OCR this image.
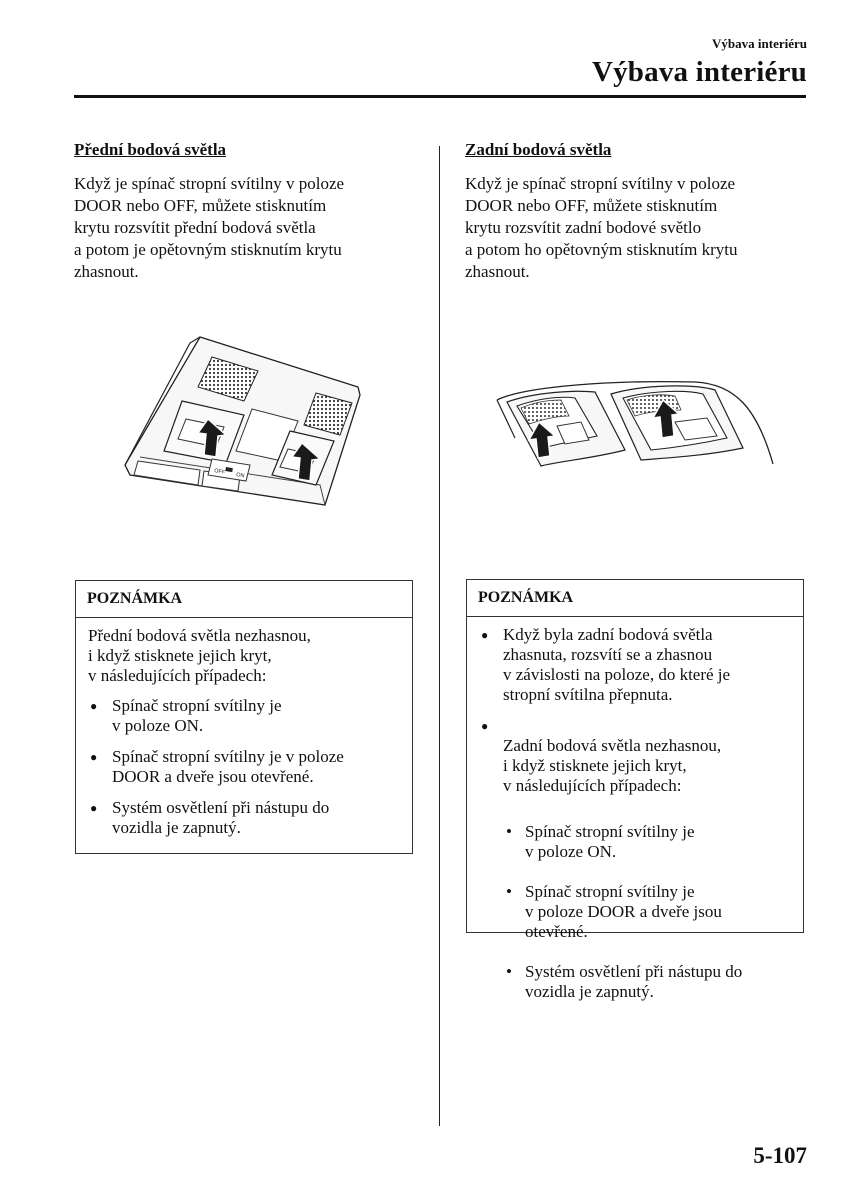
Výbava interiéru
Výbava interiéru
Přední bodová světla
Když je spínač stropní svítilny v poloze
DOOR nebo OFF, můžete stisknutím
krytu rozsvítit přední bodová světla
a potom je opětovným stisknutím krytu
zhasnout.
OFF ON
POZNÁMKA
Přední bodová světla nezhasnou,
i když stisknete jejich kryt,
v následujících případech:
● Spínač stropní svítilny je
v poloze ON.
● Spínač stropní svítilny je v poloze
DOOR a dveře jsou otevřené.
● Systém osvětlení při nástupu do
vozidla je zapnutý.
Zadní bodová světla
Když je spínač stropní svítilny v poloze
DOOR nebo OFF, můžete stisknutím
krytu rozsvítit zadní bodové světlo
a potom ho opětovným stisknutím krytu
zhasnout.
POZNÁMKA
● Když byla zadní bodová světla
zhasnuta, rozsvítí se a zhasnou
v závislosti na poloze, do které je
stropní svítilna přepnuta.

● Zadní bodová světla nezhasnou,
i když stisknete jejich kryt,
v následujících případech:

• Spínač stropní svítilny je
v poloze ON.

• Spínač stropní svítilny je
v poloze DOOR a dveře jsou
otevřené.

• Systém osvětlení při nástupu do
vozidla je zapnutý.

5-107
